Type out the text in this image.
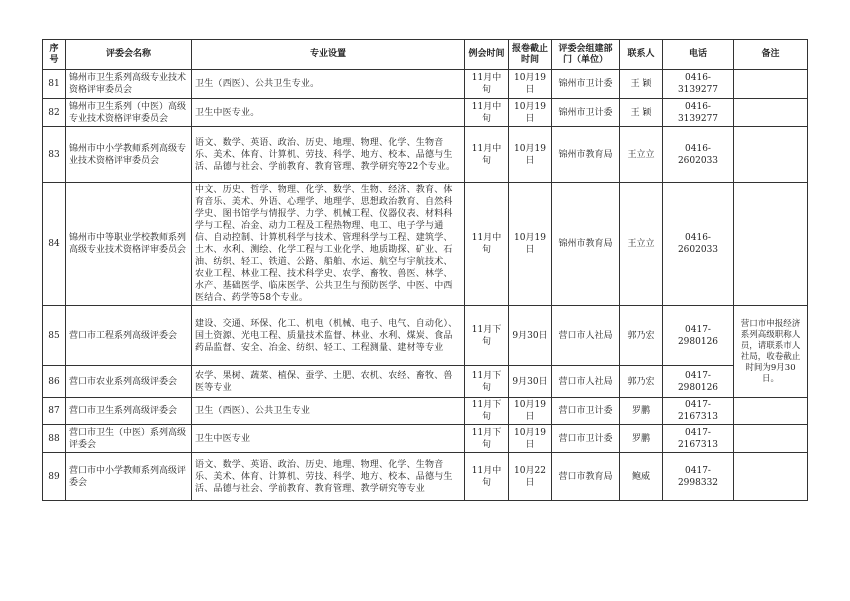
序号	评委会名称	专业设置	例会时间	报卷截止时间	评委会组建部门（单位）	联系人	电话	备注
81	锦州市卫生系列高级专业技术资格评审委员会	卫生（西医）、公共卫生专业。	11月中旬	10月19日	锦州市卫计委	王 颖	0416-3139277	
82	锦州市卫生系列（中医）高级专业技术资格评审委员会	卫生中医专业。	11月中旬	10月19日	锦州市卫计委	王 颖	0416-3139277	
83	锦州市中小学教师系列高级专业技术资格评审委员会	语文、数学、英语、政治、历史、地理、物理、化学、生物音乐、美术、体育、计算机、劳技、科学、地方、校本、品德与生活、品德与社会、学前教育、教育管理、教学研究等22个专业。	11月中旬	10月19日	锦州市教育局	王立立	0416-2602033	
84	锦州市中等职业学校教师系列高级专业技术资格评审委员会	中文、历史、哲学、物理、化学、数学、生物、经济、教育、体育音乐、美术、外语、心理学、地理学、思想政治教育、自然科学史、图书馆学与情报学、力学、机械工程、仪器仪表、材料科学与工程、冶金、动力工程及工程热物理、电工、电子学与通信、自动控制、计算机科学与技术、管理科学与工程、建筑学、土木、水利、测绘、化学工程与工业化学、地质勘探、矿业、石油、纺织、轻工、铁道、公路、船舶、水运、航空与宇航技术、农业工程、林业工程、技术科学史、农学、畜牧、兽医、林学、水产、基础医学、临床医学、公共卫生与预防医学、中医、中西医结合、药学等58个专业。	11月中旬	10月19日	锦州市教育局	王立立	0416-2602033	
85	营口市工程系列高级评委会	建设、交通、环保、化工、机电（机械、电子、电气、自动化）、国土资源、光电工程、质量技术监督、林业、水利、煤炭、食品药品监督、安全、冶金、纺织、轻工、工程测量、建材等专业	11月下旬	9月30日	营口市人社局	郭乃宏	0417-2980126	营口市申报经济系列高级职称人员，请联系市人社局，收卷截止时间为9月30日。
86	营口市农业系列高级评委会	农学、果树、蔬菜、植保、蚕学、土肥、农机、农经、畜牧、兽医等专业	11月下旬	9月30日	营口市人社局	郭乃宏	0417-2980126	
87	营口市卫生系列高级评委会	卫生（西医）、公共卫生专业	11月下旬	10月19日	营口市卫计委	罗鹏	0417-2167313	
88	营口市卫生（中医）系列高级评委会	卫生中医专业	11月下旬	10月19日	营口市卫计委	罗鹏	0417-2167313	
89	营口市中小学教师系列高级评委会	语文、数学、英语、政治、历史、地理、物理、化学、生物音乐、美术、体育、计算机、劳技、科学、地方、校本、品德与生活、品德与社会、学前教育、教育管理、教学研究等专业	11月中旬	10月22日	营口市教育局	鲍威	0417-2998332	
